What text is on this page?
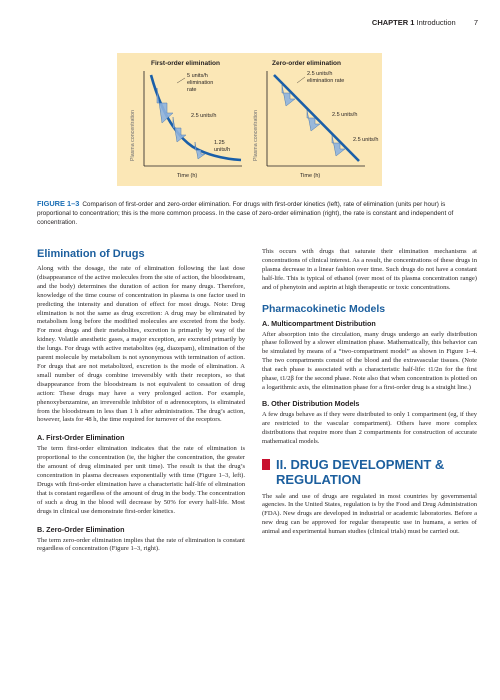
CHAPTER 1 Introduction 7
First-order elimination
Plasma concentration
Time (h)
5 units/h
elimination
rate
2.5 units/h
1.25
units/h
Zero-order elimination
Plasma concentration
Time (h)
2.5 units/h
elimination rate
2.5 units/h
2.5 units/h
FIGURE 1–3 Comparison of first-order and zero-order elimination. For drugs with first-order kinetics (left), rate of elimination (units per hour) is proportional to concentration; this is the more common process. In the case of zero-order elimination (right), the rate is constant and independent of concentration.
Elimination of Drugs

Along with the dosage, the rate of elimination following the last dose (disappearance of the active molecules from the site of action, the bloodstream, and the body) determines the duration of action for many drugs. Therefore, knowledge of the time course of concentration in plasma is one factor used in predicting the intensity and duration of effect for most drugs. Note: Drug elimination is not the same as drug excretion: A drug may be eliminated by metabolism long before the modified molecules are excreted from the body. For most drugs and their metabolites, excretion is primarily by way of the kidney. Volatile anesthetic gases, a major exception, are excreted primarily by the lungs. For drugs with active metabolites (eg, diazepam), elimination of the parent molecule by metabolism is not synonymous with termination of action. For drugs that are not metabolized, excretion is the mode of elimination. A small number of drugs combine irreversibly with their receptors, so that disappearance from the bloodstream is not equivalent to cessation of drug action: These drugs may have a very prolonged action. For example, phenoxybenzamine, an irreversible inhibitor of α adrenoceptors, is eliminated from the bloodstream in less than 1 h after administration. The drug’s action, however, lasts for 48 h, the time required for turnover of the receptors.

A. First-Order Elimination

The term first-order elimination indicates that the rate of elimination is proportional to the concentration (ie, the higher the concentration, the greater the amount of drug eliminated per unit time). The result is that the drug’s concentration in plasma decreases exponentially with time (Figure 1–3, left). Drugs with first-order elimination have a characteristic half-life of elimination that is constant regardless of the amount of drug in the body. The concentration of such a drug in the blood will decrease by 50% for every half-life. Most drugs in clinical use demonstrate first-order kinetics.

B. Zero-Order Elimination

The term zero-order elimination implies that the rate of elimination is constant regardless of concentration (Figure 1–3, right).

This occurs with drugs that saturate their elimination mechanisms at concentrations of clinical interest. As a result, the concentrations of these drugs in plasma decrease in a linear fashion over time. Such drugs do not have a constant half-life. This is typical of ethanol (over most of its plasma concentration range) and of phenytoin and aspirin at high therapeutic or toxic concentrations.

Pharmacokinetic Models
A. Multicompartment Distribution

After absorption into the circulation, many drugs undergo an early distribution phase followed by a slower elimination phase. Mathematically, this behavior can be simulated by means of a “two-compartment model” as shown in Figure 1–4. The two compartments consist of the blood and the extravascular tissues. (Note that each phase is associated with a characteristic half-life: t1/2α for the first phase, t1/2β for the second phase. Note also that when concentration is plotted on a logarithmic axis, the elimination phase for a first-order drug is a straight line.)

B. Other Distribution Models

A few drugs behave as if they were distributed to only 1 compartment (eg, if they are restricted to the vascular compartment). Others have more complex distributions that require more than 2 compartments for construction of accurate mathematical models.

II. DRUG DEVELOPMENT & REGULATION

The sale and use of drugs are regulated in most countries by governmental agencies. In the United States, regulation is by the Food and Drug Administration (FDA). New drugs are developed in industrial or academic laboratories. Before a new drug can be approved for regular therapeutic use in humans, a series of animal and experimental human studies (clinical trials) must be carried out.
